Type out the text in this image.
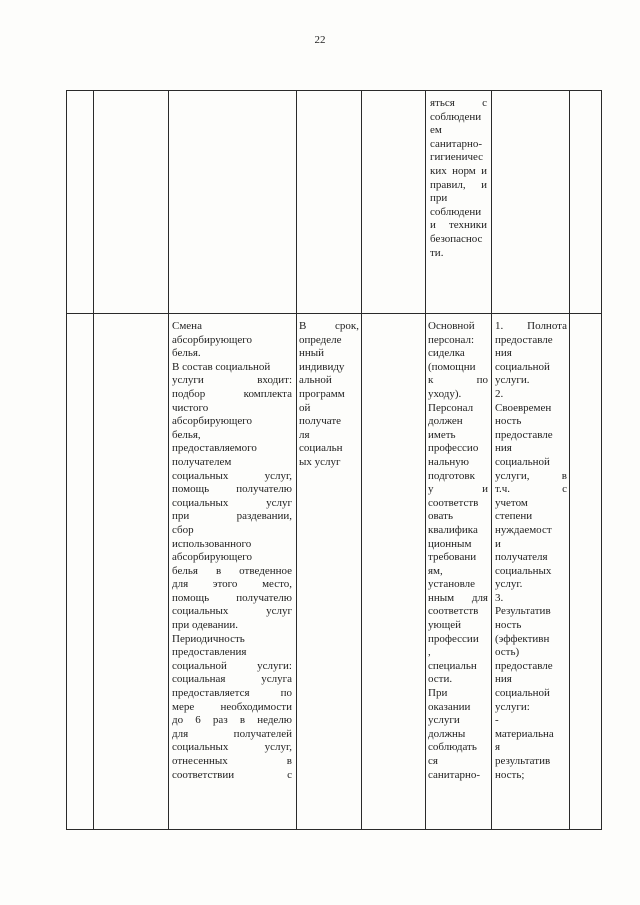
22
яться с
соблюдени
ем
санитарно-
гигиеничес
ких норм и
правил, и
при
соблюдени
и техники
безопаснос
ти.
Смена
абсорбирующего
белья.
В состав социальной
услуги входит:
подбор комплекта
чистого
абсорбирующего
белья,
предоставляемого
получателем
социальных услуг,
помощь получателю
социальных услуг
при раздевании,
сбор
использованного
абсорбирующего
белья в отведенное
для этого место,
помощь получателю
социальных услуг
при одевании.
Периодичность
предоставления
социальной услуги:
социальная услуга
предоставляется по
мере необходимости
до 6 раз в неделю
для получателей
социальных услуг,
отнесенных в
соответствии с
В срок,
определе
нный
индивиду
альной
программ
ой
получате
ля
социальн
ых услуг
Основной
персонал:
сиделка
(помощни
к по
уходу).
Персонал
должен
иметь
профессио
нальную
подготовк
у и
соответств
овать
квалифика
ционным
требовани
ям,
установле
нным для
соответств
ующей
профессии
,
специальн
ости.
При
оказании
услуги
должны
соблюдать
ся
санитарно-
1. Полнота
предоставле
ния
социальной
услуги.
2.
Своевремен
ность
предоставле
ния
социальной
услуги, в
т.ч. с
учетом
степени
нуждаемост
и
получателя
социальных
услуг.
3.
Результатив
ность
(эффективн
ость)
предоставле
ния
социальной
услуги:
-
материальна
я
результатив
ность;
